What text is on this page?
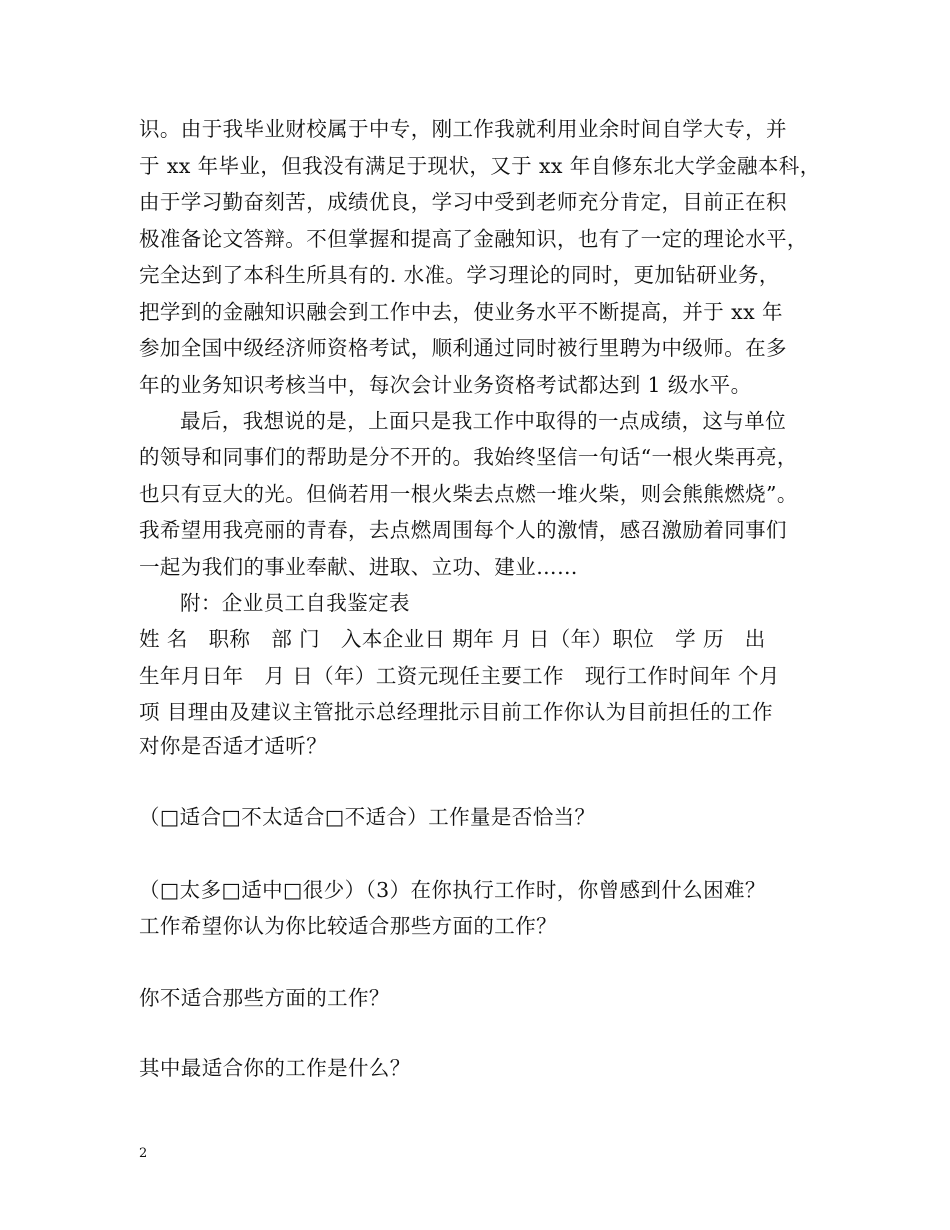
识。由于我毕业财校属于中专，刚工作我就利用业余时间自学大专，并
于 xx 年毕业，但我没有满足于现状，又于 xx 年自修东北大学金融本科，
由于学习勤奋刻苦，成绩优良，学习中受到老师充分肯定，目前正在积
极准备论文答辩。不但掌握和提高了金融知识，也有了一定的理论水平，
完全达到了本科生所具有的. 水准。学习理论的同时，更加钻研业务，
把学到的金融知识融会到工作中去，使业务水平不断提高，并于 xx 年
参加全国中级经济师资格考试，顺利通过同时被行里聘为中级师。在多
年的业务知识考核当中，每次会计业务资格考试都达到 1 级水平。
最后，我想说的是，上面只是我工作中取得的一点成绩，这与单位
的领导和同事们的帮助是分不开的。我始终坚信一句话“一根火柴再亮，
也只有豆大的光。但倘若用一根火柴去点燃一堆火柴，则会熊熊燃烧”。
我希望用我亮丽的青春，去点燃周围每个人的激情，感召激励着同事们
一起为我们的事业奉献、进取、立功、建业……
附：企业员工自我鉴定表
姓 名　职称　部 门　入本企业日 期年 月 日（年）职位　学 历　出
生年月日年　月 日（年）工资元现任主要工作　现行工作时间年 个月
项 目理由及建议主管批示总经理批示目前工作你认为目前担任的工作
对你是否适才适听？
（□适合□不太适合□不适合）工作量是否恰当？
（□太多□适中□很少）（3）在你执行工作时，你曾感到什么困难？
工作希望你认为你比较适合那些方面的工作？
你不适合那些方面的工作？
其中最适合你的工作是什么？
2
